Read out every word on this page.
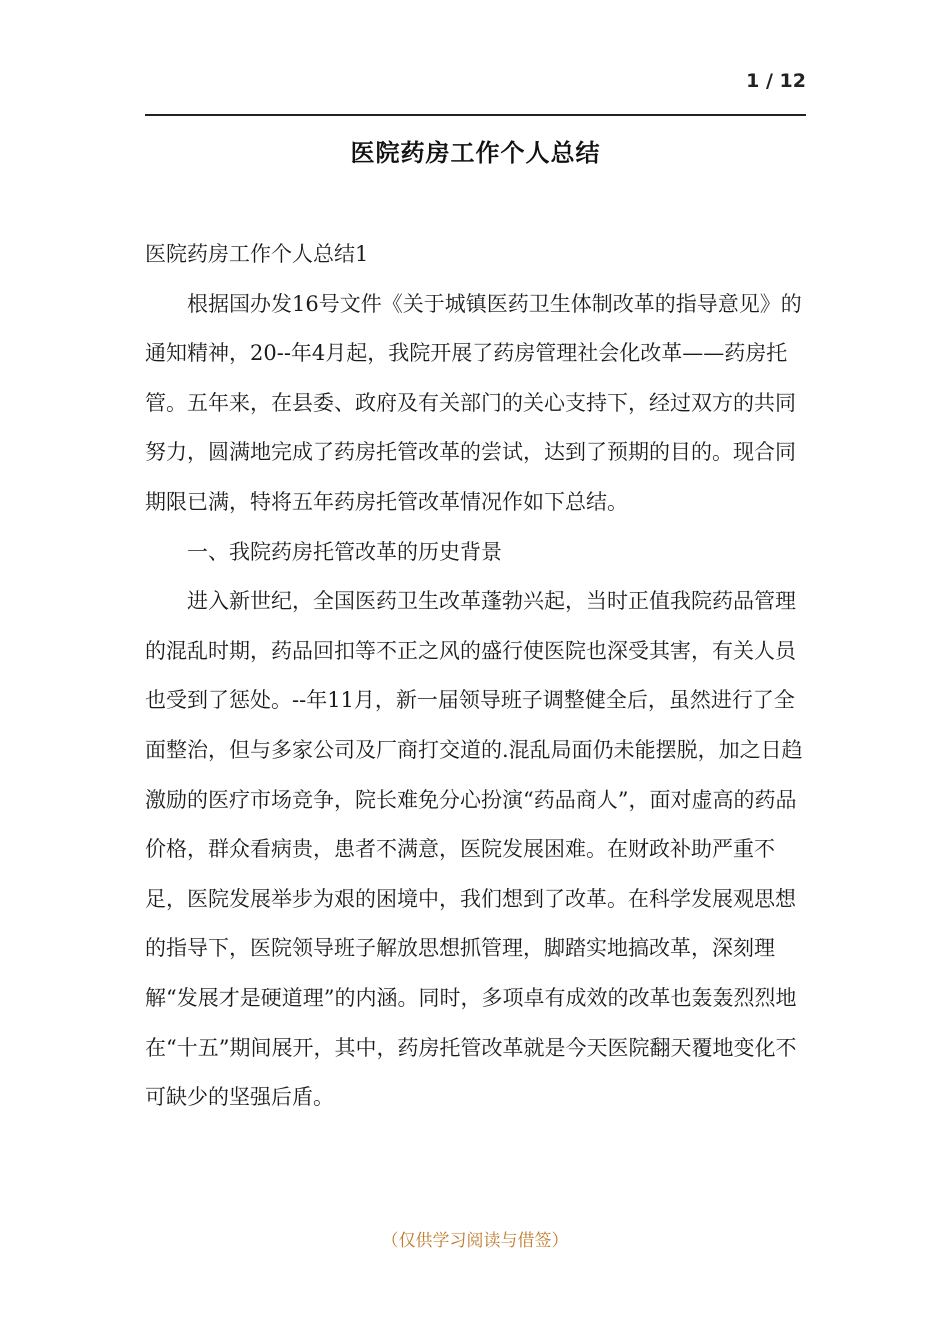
1 / 12
医院药房工作个人总结

医院药房工作个人总结1

根据国办发16号文件《关于城镇医药卫生体制改革的指导意见》的通知精神，20--年4月起，我院开展了药房管理社会化改革——药房托管。五年来，在县委、政府及有关部门的关心支持下，经过双方的共同努力，圆满地完成了药房托管改革的尝试，达到了预期的目的。现合同期限已满，特将五年药房托管改革情况作如下总结。

一、我院药房托管改革的历史背景

进入新世纪，全国医药卫生改革蓬勃兴起，当时正值我院药品管理的混乱时期，药品回扣等不正之风的盛行使医院也深受其害，有关人员也受到了惩处。--年11月，新一届领导班子调整健全后，虽然进行了全面整治，但与多家公司及厂商打交道的.混乱局面仍未能摆脱，加之日趋激励的医疗市场竞争，院长难免分心扮演“药品商人”，面对虚高的药品价格，群众看病贵，患者不满意，医院发展困难。在财政补助严重不足，医院发展举步为艰的困境中，我们想到了改革。在科学发展观思想的指导下，医院领导班子解放思想抓管理，脚踏实地搞改革，深刻理解“发展才是硬道理”的内涵。同时，多项卓有成效的改革也轰轰烈烈地在“十五”期间展开，其中，药房托管改革就是今天医院翻天覆地变化不可缺少的坚强后盾。

（仅供学习阅读与借签）
